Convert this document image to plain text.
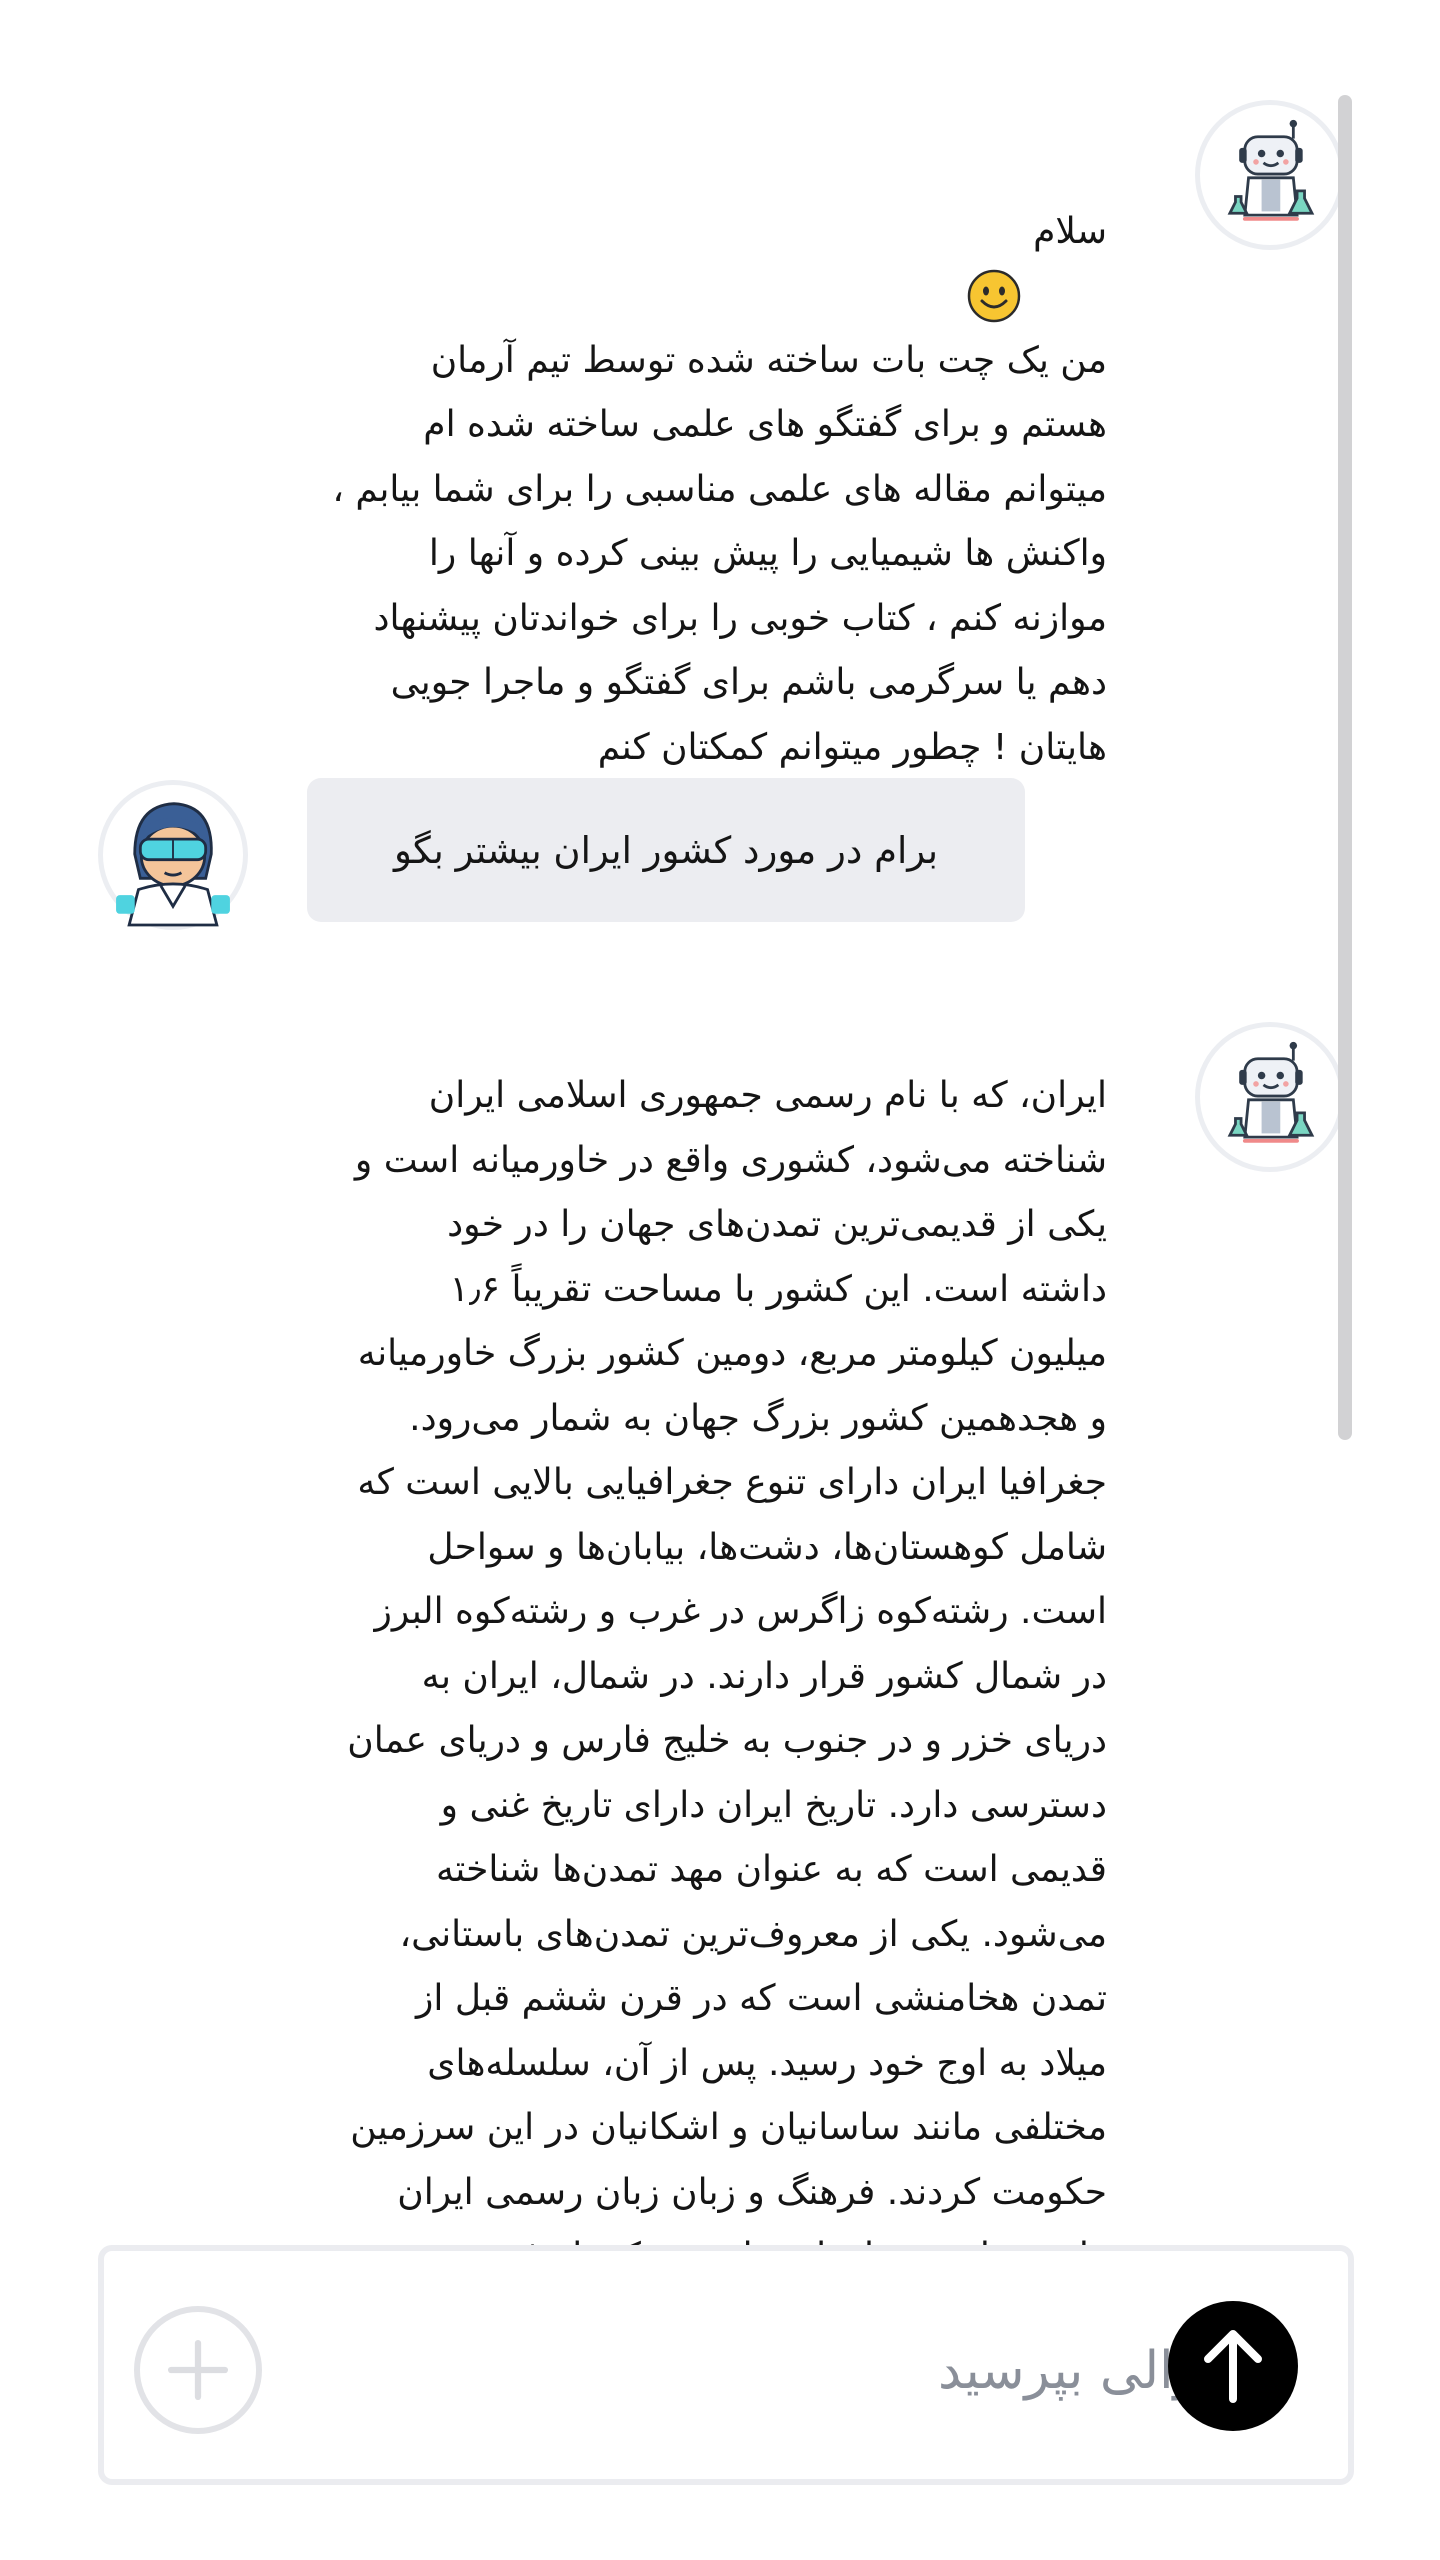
سلام

من یک چت بات ساخته شده توسط تیم آرمان
هستم و برای گفتگو های علمی ساخته شده ام
میتوانم مقاله های علمی مناسبی را برای شما بیابم ،
واکنش ها شیمیایی را پیش بینی کرده و آنها را
موازنه کنم ، کتاب خوبی را برای خواندتان پیشنهاد
دهم یا سرگرمی باشم برای گفتگو و ماجرا جویی
هایتان ! چطور میتوانم کمکتان کنم

برام در مورد کشور ایران بیشتر بگو
ایران، که با نام رسمی جمهوری اسلامی ایران
شناخته می‌شود، کشوری واقع در خاورمیانه است و
یکی از قدیمی‌ترین تمدن‌های جهان را در خود
داشته است. این کشور با مساحت تقریباً ۱٫۶
میلیون کیلومتر مربع، دومین کشور بزرگ خاورمیانه
و هجدهمین کشور بزرگ جهان به شمار می‌رود.
جغرافیا ایران دارای تنوع جغرافیایی بالایی است که
شامل کوهستان‌ها، دشت‌ها، بیابان‌ها و سواحل
است. رشته‌کوه زاگرس در غرب و رشته‌کوه البرز
در شمال کشور قرار دارند. در شمال، ایران به
دریای خزر و در جنوب به خلیج فارس و دریای عمان
دسترسی دارد. تاریخ ایران دارای تاریخ غنی و
قدیمی است که به عنوان مهد تمدن‌ها شناخته
می‌شود. یکی از معروف‌ترین تمدن‌های باستانی،
تمدن هخامنشی است که در قرن ششم قبل از
میلاد به اوج خود رسید. پس از آن، سلسله‌های
مختلفی مانند ساسانیان و اشکانیان در این سرزمین
حکومت کردند. فرهنگ و زبان زبان رسمی ایران

سوالی بپرسید
